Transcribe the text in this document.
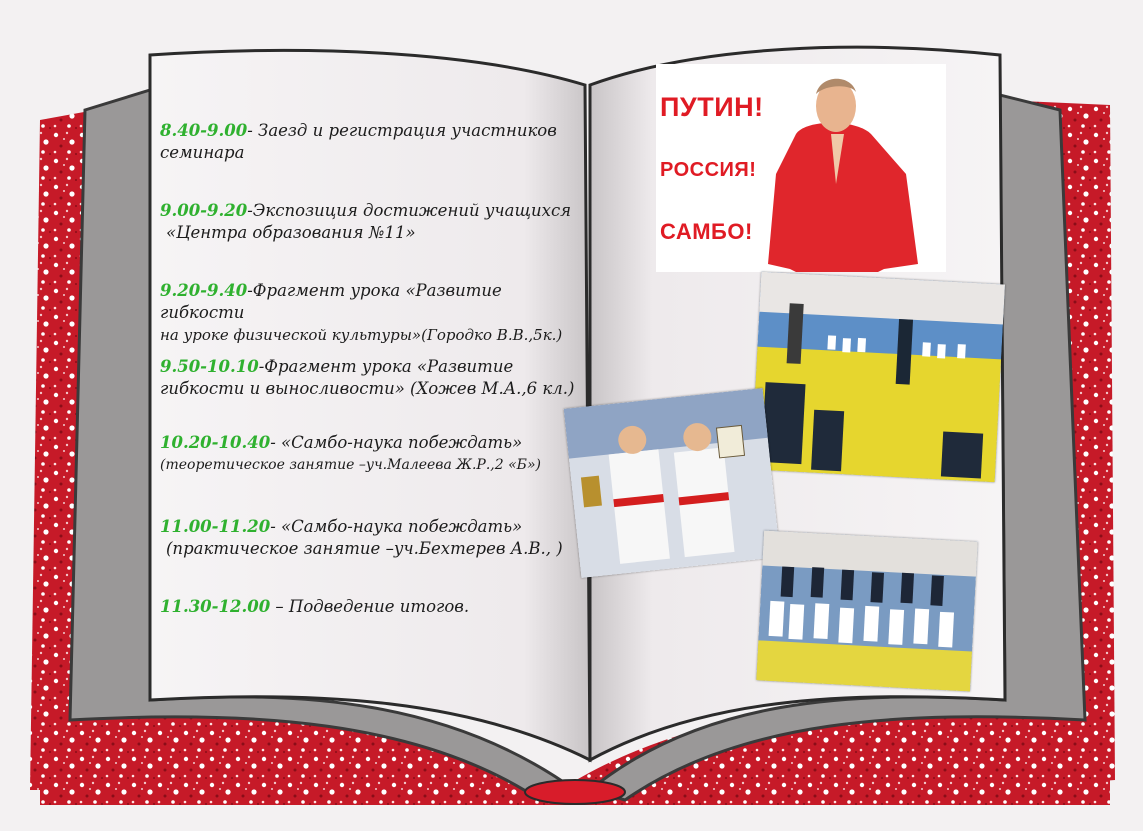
8.40-9.00- Заезд и регистрация участников
семинара
9.00-9.20-Экспозиция достижений учащихся
«Центра образования №11»
9.20-9.40-Фрагмент урока «Развитие гибкости
на уроке физической культуры»(Городко В.В.,5к.)
9.50-10.10-Фрагмент урока «Развитие
гибкости и выносливости» (Хожев М.А.,6 кл.)
10.20-10.40- «Самбо-наука побеждать»
(теоретическое занятие –уч.Малеева Ж.Р.,2 «Б»)
11.00-11.20- «Самбо-наука побеждать»
(практическое занятие –уч.Бехтерев А.В., )
11.30-12.00 – Подведение итогов.
ПУТИН!
РОССИЯ!
САМБО!
